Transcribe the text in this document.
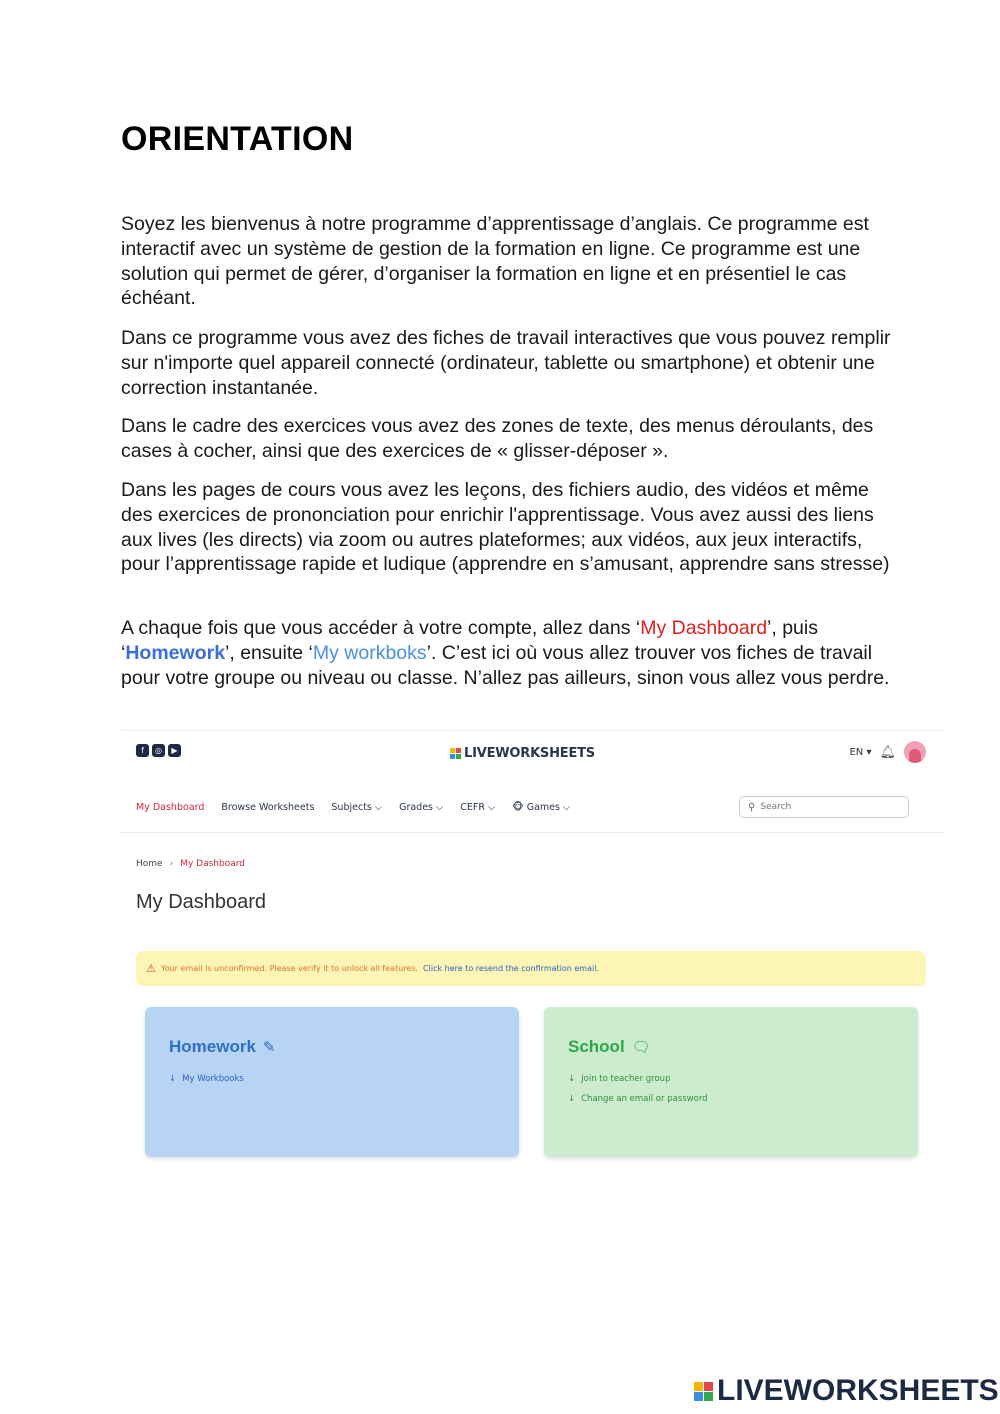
ORIENTATION

Soyez les bienvenus à notre programme d’apprentissage d’anglais. Ce programme est interactif avec un système de gestion de la formation en ligne. Ce programme est une solution qui permet de gérer, d’organiser la formation en ligne et en présentiel le cas échéant.

Dans ce programme vous avez des fiches de travail interactives que vous pouvez remplir sur n'importe quel appareil connecté (ordinateur, tablette ou smartphone) et obtenir une correction instantanée.

Dans le cadre des exercices vous avez des zones de texte, des menus déroulants, des cases à cocher, ainsi que des exercices de « glisser-déposer ».

Dans les pages de cours vous avez les leçons, des fichiers audio, des vidéos et même des exercices de prononciation pour enrichir l'apprentissage. Vous avez aussi des liens aux lives (les directs) via zoom ou autres plateformes; aux vidéos, aux jeux interactifs, pour l’apprentissage rapide et ludique (apprendre en s’amusant, apprendre sans stresse)

A chaque fois que vous accéder à votre compte, allez dans ‘My Dashboard’, puis ‘Homework’, ensuite ‘My workboks’. C’est ici où vous allez trouver vos fiches de travail pour votre groupe ou niveau ou classe. N’allez pas ailleurs, sinon vous allez vous perdre.

f	◎	▶	LIVEWORKSHEETS	EN ▾ 🔔︎
My Dashboard Browse Worksheets Subjects ⌵ Grades ⌵ CEFR ⌵ 🐵︎ Games ⌵	⚲
Search
Home › My Dashboard
My Dashboard
⚠ Your email is unconfirmed. Please verify it to unlock all features. Click here to resend the confirmation email.
Homework ✎
↓ My Workbooks
School 🗨︎
↓ Join to teacher group
↓ Change an email or password
LIVEWORKSHEETS
